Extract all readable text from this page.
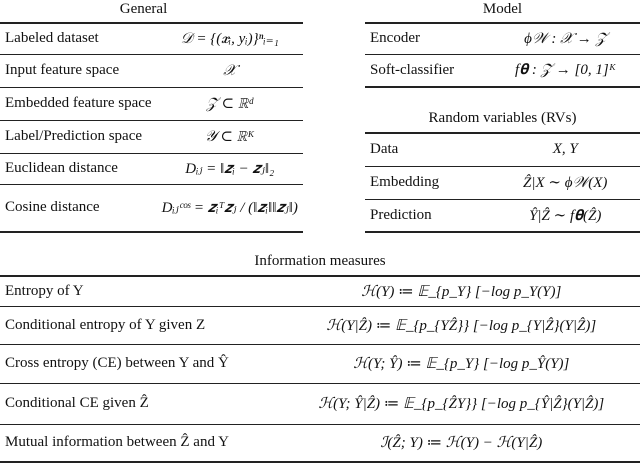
General
Labeled dataset	𝒟 = {(𝒙ᵢ, yᵢ)}ⁿᵢ₌₁
Input feature space	𝒳
Embedded feature space	𝒵 ⊂ ℝᵈ
Label/Prediction space	𝒴 ⊂ ℝᴷ
Euclidean distance	Dᵢⱼ = ‖𝒛ᵢ − 𝒛ⱼ‖₂
Cosine distance	Dᵢⱼᶜᵒˢ = 𝒛ᵢᵀ𝒛ⱼ / (‖𝒛ᵢ‖‖𝒛ⱼ‖)
Model
Encoder	ϕ𝒲 : 𝒳 → 𝒵
Soft-classifier	f𝛉 : 𝒵 → [0, 1]ᴷ
Random variables (RVs)
Data	X, Y
Embedding	Ẑ|X ∼ ϕ𝒲(X)
Prediction	Ŷ|Ẑ ∼ f𝛉(Ẑ)
Information measures
Entropy of Y	ℋ(Y) ≔ 𝔼_{p_Y} [−log p_Y(Y)]
Conditional entropy of Y given Z	ℋ(Y|Ẑ) ≔ 𝔼_{p_{YẐ}} [−log p_{Y|Ẑ}(Y|Ẑ)]
Cross entropy (CE) between Y and Ŷ	ℋ(Y; Ŷ) ≔ 𝔼_{p_Y} [−log p_Ŷ(Y)]
Conditional CE given Ẑ	ℋ(Y; Ŷ|Ẑ) ≔ 𝔼_{p_{ẐY}} [−log p_{Ŷ|Ẑ}(Y|Ẑ)]
Mutual information between Ẑ and Y	ℐ(Ẑ; Y) ≔ ℋ(Y) − ℋ(Y|Ẑ)
